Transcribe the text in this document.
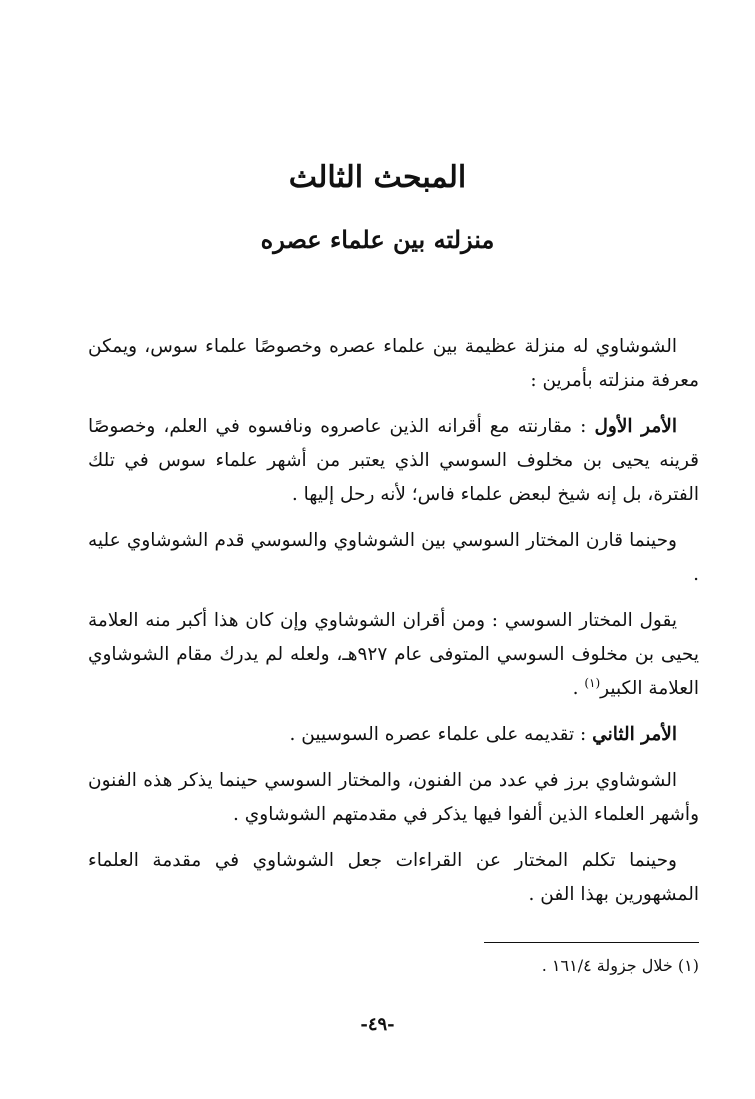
المبحث الثالث
منزلته بين علماء عصره

الشوشاوي له منزلة عظيمة بين علماء عصره وخصوصًا علماء سوس، ويمكن معرفة منزلته بأمرين :

الأمر الأول : مقارنته مع أقرانه الذين عاصروه ونافسوه في العلم، وخصوصًا قرينه يحيى بن مخلوف السوسي الذي يعتبر من أشهر علماء سوس في تلك الفترة، بل إنه شيخ لبعض علماء فاس؛ لأنه رحل إليها .

وحينما قارن المختار السوسي بين الشوشاوي والسوسي قدم الشوشاوي عليه .

يقول المختار السوسي : ومن أقران الشوشاوي وإن كان هذا أكبر منه العلامة يحيى بن مخلوف السوسي المتوفى عام ٩٢٧هـ، ولعله لم يدرك مقام الشوشاوي العلامة الكبير$^{(١)}$ .

الأمر الثاني : تقديمه على علماء عصره السوسيين .

الشوشاوي برز في عدد من الفنون، والمختار السوسي حينما يذكر هذه الفنون وأشهر العلماء الذين ألفوا فيها يذكر في مقدمتهم الشوشاوي .

وحينما تكلم المختار عن القراءات جعل الشوشاوي في مقدمة العلماء المشهورين بهذا الفن .

(١) خلال جزولة ١٦١/٤ .
-٤٩-
